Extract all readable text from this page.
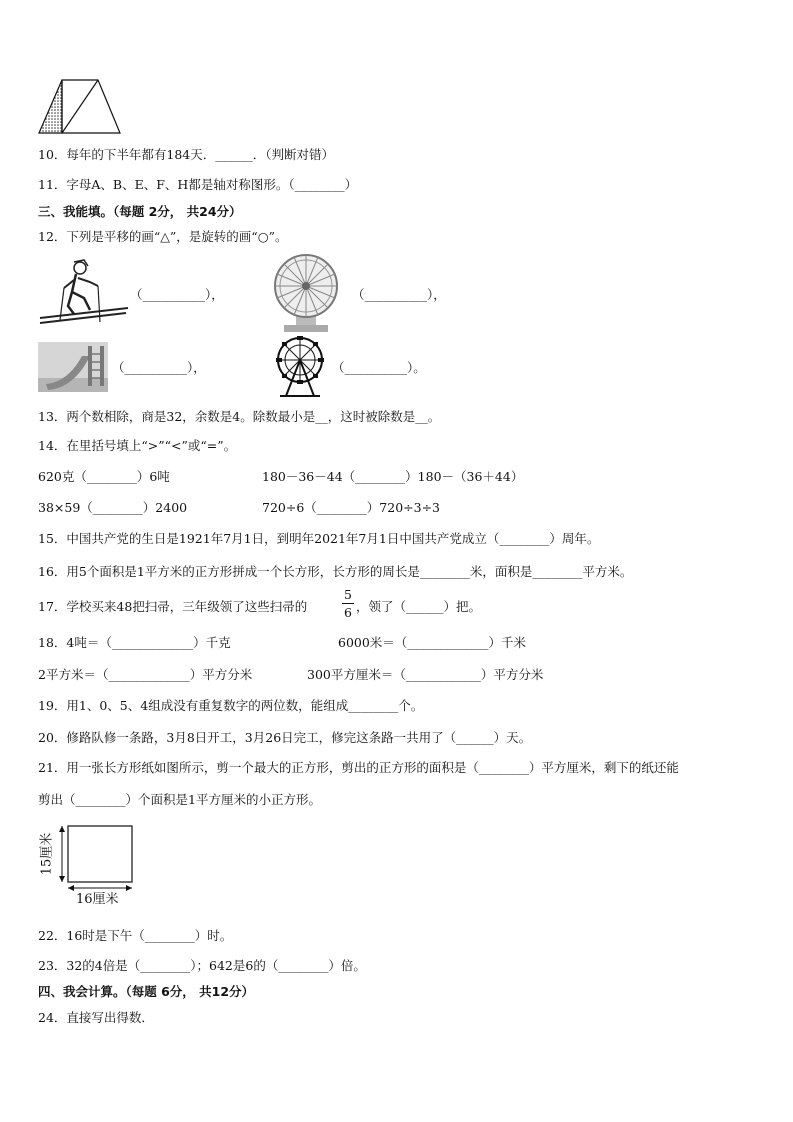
10．每年的下半年都有184天．______．（判断对错）
11．字母A、B、E、F、H都是轴对称图形。（________）
三、我能填。（每题 2分， 共24分）
12．下列是平移的画“△”，是旋转的画“○”。
（__________），	（__________），
（__________），	（__________）。
13．两个数相除，商是32，余数是4。除数最小是__，这时被除数是__。
14．在里括号填上“>”“<”或“=”。
620克（________）6吨	180－36－44（________）180－（36＋44）
38×59（________）2400	720÷6（________）720÷3÷3
15．中国共产党的生日是1921年7月1日，到明年2021年7月1日中国共产党成立（________）周年。
16．用5个面积是1平方米的正方形拼成一个长方形，长方形的周长是________米，面积是________平方米。
17．学校买来48把扫帚，三年级领了这些扫帚的
5
6 ，领了（______）把。
18．4吨＝（_____________）千克	6000米＝（_____________）千米
2平方米＝（_____________）平方分米	300平方厘米＝（____________）平方分米
19．用1、0、5、4组成没有重复数字的两位数，能组成________个。
20．修路队修一条路，3月8日开工，3月26日完工，修完这条路一共用了（______）天。
21．用一张长方形纸如图所示，剪一个最大的正方形，剪出的正方形的面积是（________）平方厘米，剩下的纸还能
剪出（________）个面积是1平方厘米的小正方形。
15厘米
16厘米
22．16时是下午（________）时。
23．32的4倍是（________）；642是6的（________）倍。
四、我会计算。（每题 6分， 共12分）
24．直接写出得数．
